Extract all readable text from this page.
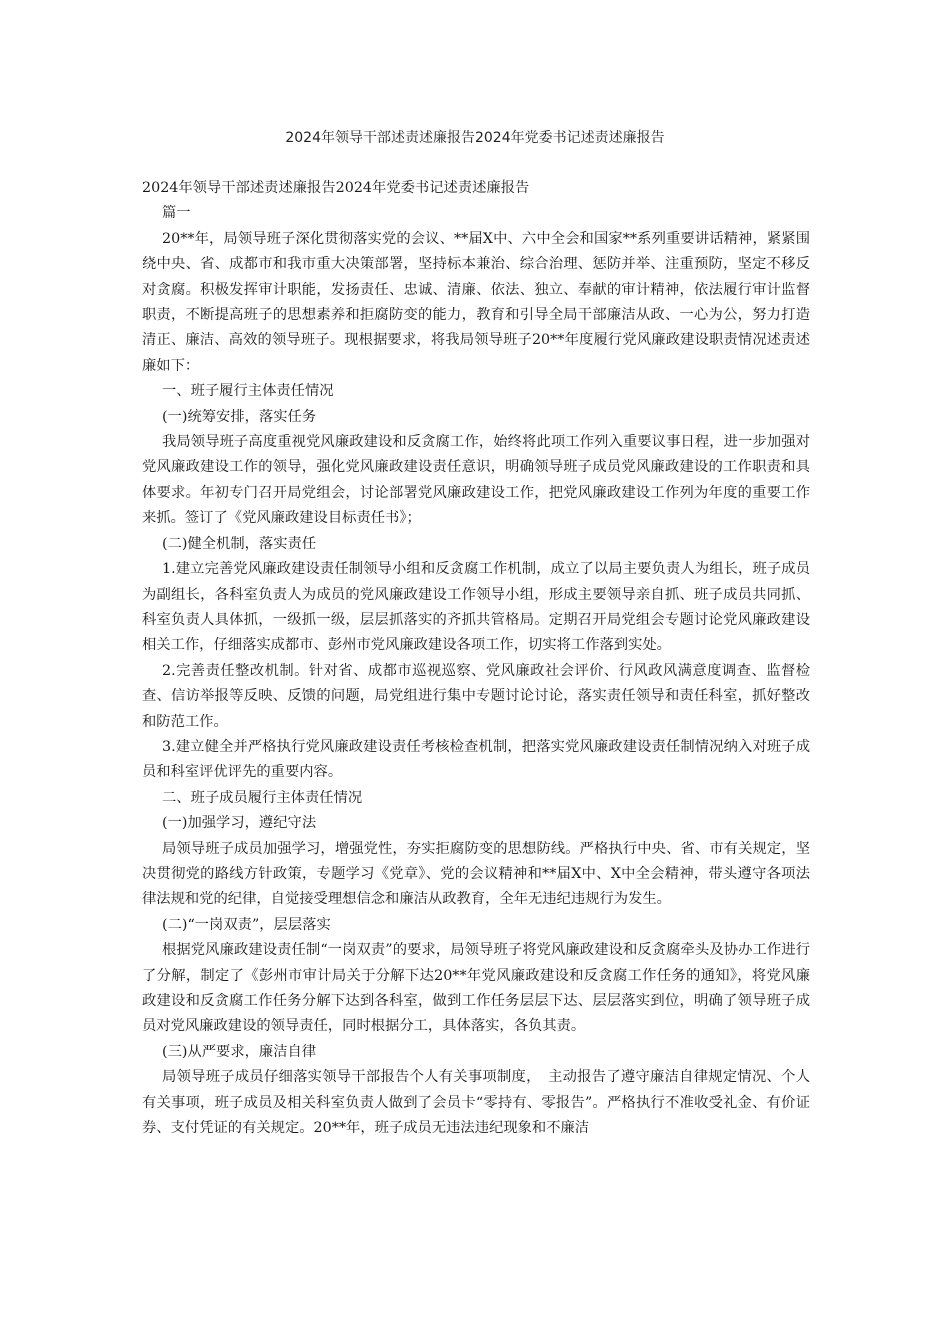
2024年领导干部述责述廉报告2024年党委书记述责述廉报告

2024年领导干部述责述廉报告2024年党委书记述责述廉报告

篇一

20**年，局领导班子深化贯彻落实党的会议、**届X中、六中全会和国家**系列重要讲话精神，紧紧围绕中央、省、成都市和我市重大决策部署，坚持标本兼治、综合治理、惩防并举、注重预防，坚定不移反对贪腐。积极发挥审计职能，发扬责任、忠诚、清廉、依法、独立、奉献的审计精神，依法履行审计监督职责，不断提高班子的思想素养和拒腐防变的能力，教育和引导全局干部廉洁从政、一心为公，努力打造清正、廉洁、高效的领导班子。现根据要求，将我局领导班子20**年度履行党风廉政建设职责情况述责述廉如下：

一、班子履行主体责任情况

(一)统筹安排，落实任务

我局领导班子高度重视党风廉政建设和反贪腐工作，始终将此项工作列入重要议事日程，进一步加强对党风廉政建设工作的领导，强化党风廉政建设责任意识，明确领导班子成员党风廉政建设的工作职责和具体要求。年初专门召开局党组会，讨论部署党风廉政建设工作，把党风廉政建设工作列为年度的重要工作来抓。签订了《党风廉政建设目标责任书》；

(二)健全机制，落实责任

1.建立完善党风廉政建设责任制领导小组和反贪腐工作机制，成立了以局主要负责人为组长，班子成员为副组长，各科室负责人为成员的党风廉政建设工作领导小组，形成主要领导亲自抓、班子成员共同抓、科室负责人具体抓，一级抓一级，层层抓落实的齐抓共管格局。定期召开局党组会专题讨论党风廉政建设相关工作，仔细落实成都市、彭州市党风廉政建设各项工作，切实将工作落到实处。

2.完善责任整改机制。针对省、成都市巡视巡察、党风廉政社会评价、行风政风满意度调查、监督检查、信访举报等反映、反馈的问题，局党组进行集中专题讨论讨论，落实责任领导和责任科室，抓好整改和防范工作。

3.建立健全并严格执行党风廉政建设责任考核检查机制，把落实党风廉政建设责任制情况纳入对班子成员和科室评优评先的重要内容。

二、班子成员履行主体责任情况

(一)加强学习，遵纪守法

局领导班子成员加强学习，增强党性，夯实拒腐防变的思想防线。严格执行中央、省、市有关规定，坚决贯彻党的路线方针政策，专题学习《党章》、党的会议精神和**届X中、X中全会精神，带头遵守各项法律法规和党的纪律，自觉接受理想信念和廉洁从政教育，全年无违纪违规行为发生。

(二)“一岗双责”，层层落实

根据党风廉政建设责任制“一岗双责”的要求，局领导班子将党风廉政建设和反贪腐牵头及协办工作进行了分解，制定了《彭州市审计局关于分解下达20**年党风廉政建设和反贪腐工作任务的通知》，将党风廉政建设和反贪腐工作任务分解下达到各科室，做到工作任务层层下达、层层落实到位，明确了领导班子成员对党风廉政建设的领导责任，同时根据分工，具体落实，各负其责。

(三)从严要求，廉洁自律

局领导班子成员仔细落实领导干部报告个人有关事项制度，　主动报告了遵守廉洁自律规定情况、个人有关事项，班子成员及相关科室负责人做到了会员卡“零持有、零报告”。严格执行不准收受礼金、有价证券、支付凭证的有关规定。20**年，班子成员无违法违纪现象和不廉洁
